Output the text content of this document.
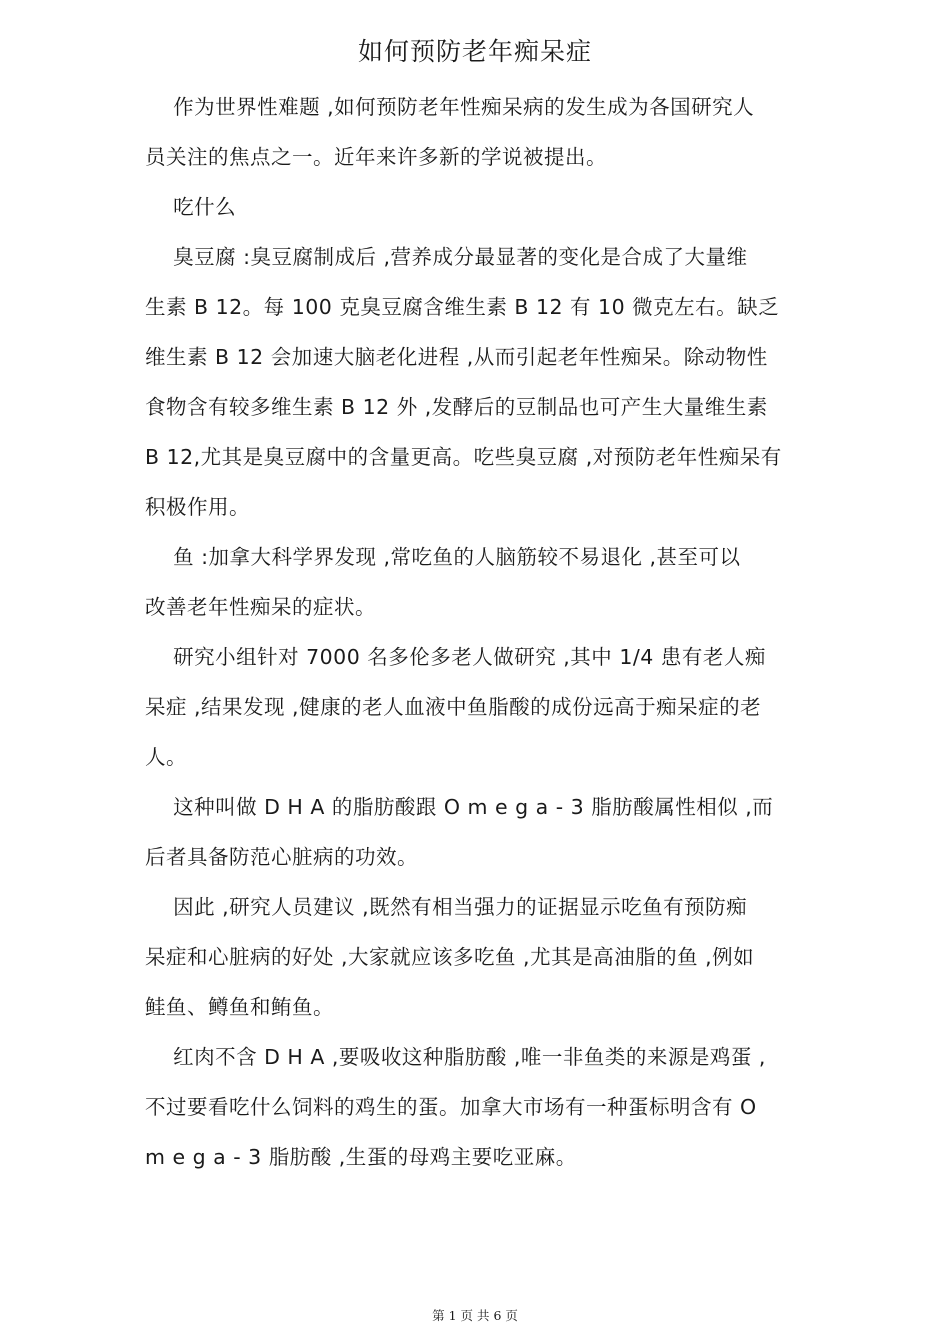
如何预防老年痴呆症
作为世界性难题 ,如何预防老年性痴呆病的发生成为各国研究人
员关注的焦点之一。近年来许多新的学说被提出。
吃什么
臭豆腐 :臭豆腐制成后 ,营养成分最显著的变化是合成了大量维
生素 B 12。每 100 克臭豆腐含维生素 B 12 有 10 微克左右。缺乏
维生素 B 12 会加速大脑老化进程 ,从而引起老年性痴呆。除动物性
食物含有较多维生素 B 12 外 ,发酵后的豆制品也可产生大量维生素
B 12,尤其是臭豆腐中的含量更高。吃些臭豆腐 ,对预防老年性痴呆有
积极作用。
鱼 :加拿大科学界发现 ,常吃鱼的人脑筋较不易退化 ,甚至可以
改善老年性痴呆的症状。
研究小组针对 7000 名多伦多老人做研究 ,其中 1/4 患有老人痴
呆症 ,结果发现 ,健康的老人血液中鱼脂酸的成份远高于痴呆症的老
人。
这种叫做 D H A 的脂肪酸跟 O m e g a - 3 脂肪酸属性相似 ,而
后者具备防范心脏病的功效。
因此 ,研究人员建议 ,既然有相当强力的证据显示吃鱼有预防痴
呆症和心脏病的好处 ,大家就应该多吃鱼 ,尤其是高油脂的鱼 ,例如
鲑鱼、鳟鱼和鲔鱼。
红肉不含 D H A ,要吸收这种脂肪酸 ,唯一非鱼类的来源是鸡蛋 ,
不过要看吃什么饲料的鸡生的蛋。加拿大市场有一种蛋标明含有 O
m e g a - 3 脂肪酸 ,生蛋的母鸡主要吃亚麻。
第 1 页 共 6 页
